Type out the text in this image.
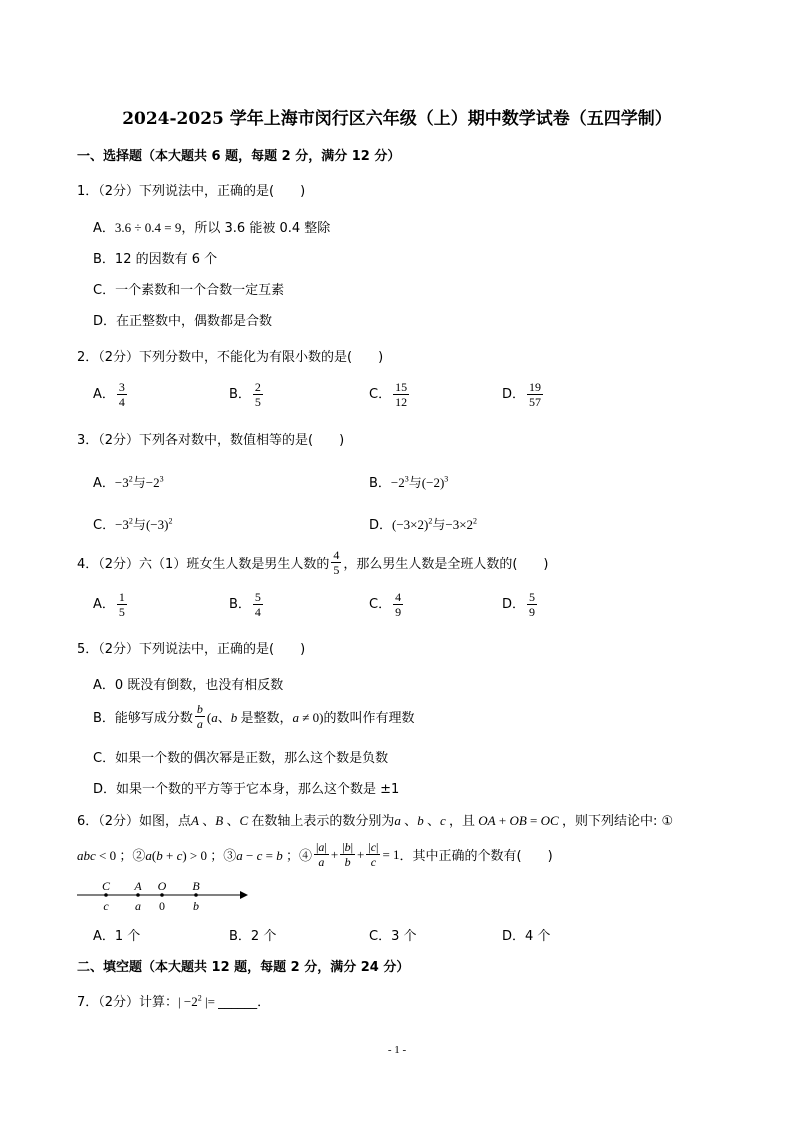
2024-2025 学年上海市闵行区六年级（上）期中数学试卷（五四学制）
一、选择题（本大题共 6 题，每题 2 分，满分 12 分）
1．（2分）下列说法中，正确的是(　　)
A．3.6 ÷ 0.4 = 9，所以 3.6 能被 0.4 整除
B．12 的因数有 6 个
C．一个素数和一个合数一定互素
D．在正整数中，偶数都是合数
2．（2分）下列分数中，不能化为有限小数的是(　　)
A． $\frac{3}{4}$	B． $\frac{2}{5}$	C． $\frac{15}{12}$	D． $\frac{19}{57}$
3．（2分）下列各对数中，数值相等的是(　　)
A．$-3^2$与$-2^3$	B．$-2^3$与$(-2)^3$
C．$-3^2$与$(-3)^2$	D．$(-3\times 2)^2$与$-3\times 2^2$
4．（2分）六（1）班女生人数是男生人数的 $\frac{4}{5}$ ，那么男生人数是全班人数的(　　)
A． $\frac{1}{5}$	B． $\frac{5}{4}$	C． $\frac{4}{9}$	D． $\frac{5}{9}$
5．（2分）下列说法中，正确的是(　　)
A．0 既没有倒数，也没有相反数
B．能够写成分数 $\frac{b}{a} (a$、b 是整数，a ≠ 0) 的数叫作有理数
C．如果一个数的偶次幂是正数，那么这个数是负数
D．如果一个数的平方等于它本身，那么这个数是 ±1
6．（2分）如图，点A 、B 、C 在数轴上表示的数分别为a 、b 、c ，且 OA + OB = OC ，则下列结论中: ①
abc < 0 ；②a(b + c) > 0 ；③a − c = b ；④ $\frac{|a|}{a} + \frac{|b|}{b} + \frac{|c|}{c} = 1$ ．其中正确的个数有(　　)
C A O B
c a 0 b
A．1 个	B．2 个	C．3 个	D．4 个
二、填空题（本大题共 12 题，每题 2 分，满分 24 分）
7．（2分）计算：| $-2^2$ |= ______．
- 1 -
